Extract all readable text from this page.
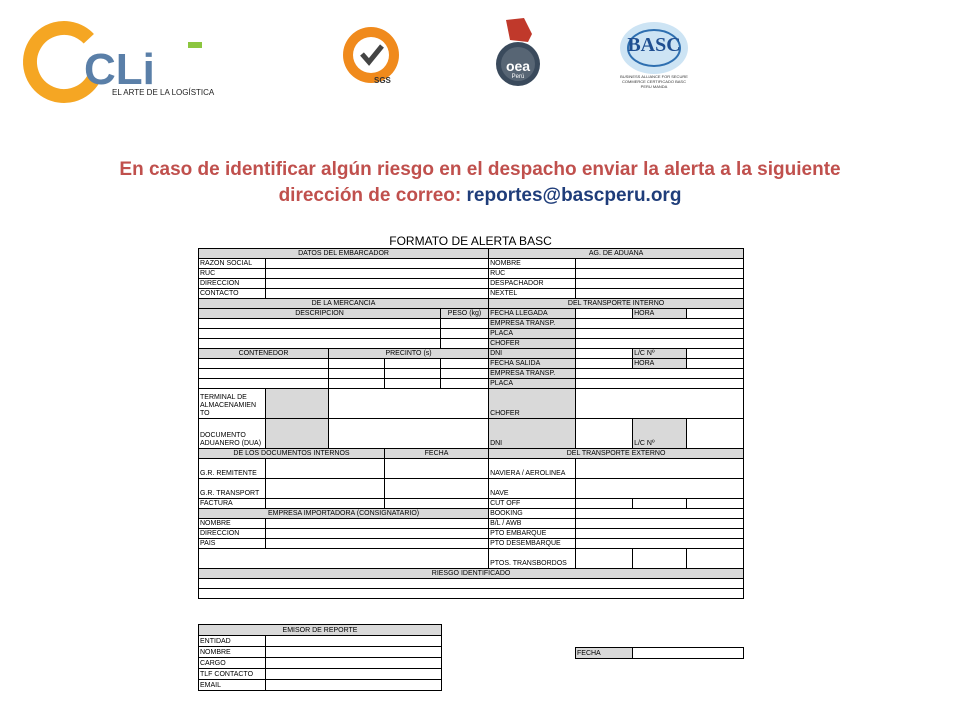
CLi
EL ARTE DE LA LOGÍSTICA
SGS
oea
Perú
BASC
BUSINESS ALLIANCE FOR SECURE COMMERCE CERTIFICADO BASC PERU MANDA
En caso de identificar algún riesgo en el despacho enviar la alerta a la siguiente dirección de correo: reportes@bascperu.org
FORMATO DE ALERTA BASC
DATOS DEL EMBARCADOR					AG. DE ADUANA			
RAZON SOCIAL					NOMBRE			
RUC					RUC			
DIRECCION					DESPACHADOR			
CONTACTO					NEXTEL			
DE LA MERCANCIA					DEL TRANSPORTE INTERNO			
DESCRIPCION				PESO (kg)	FECHA LLEGADA		HORA	
					EMPRESA TRANSP.			
					PLACA			
					CHOFER			
CONTENEDOR		PRECINTO (s)			DNI		L/C Nº	
					FECHA SALIDA		HORA	
					EMPRESA TRANSP.			
					PLACA			
TERMINAL DE ALMACENAMIEN TO					CHOFER			
DOCUMENTO ADUANERO (DUA)					DNI		L/C Nº	
DE LOS DOCUMENTOS INTERNOS			FECHA		DEL TRANSPORTE EXTERNO			
G.R. REMITENTE					NAVIERA / AEROLINEA			
G.R. TRANSPORT					NAVE			
FACTURA					CUT OFF			
EMPRESA IMPORTADORA (CONSIGNATARIO)					BOOKING			
NOMBRE					B/L / AWB			
DIRECCION					PTO EMBARQUE			
PAIS					PTO DESEMBARQUE			
					PTOS. TRANSBORDOS			
RIESGO IDENTIFICADO								

EMISOR DE REPORTE	
ENTIDAD	
NOMBRE	
CARGO	
TLF CONTACTO	
EMAIL	
FECHA	
